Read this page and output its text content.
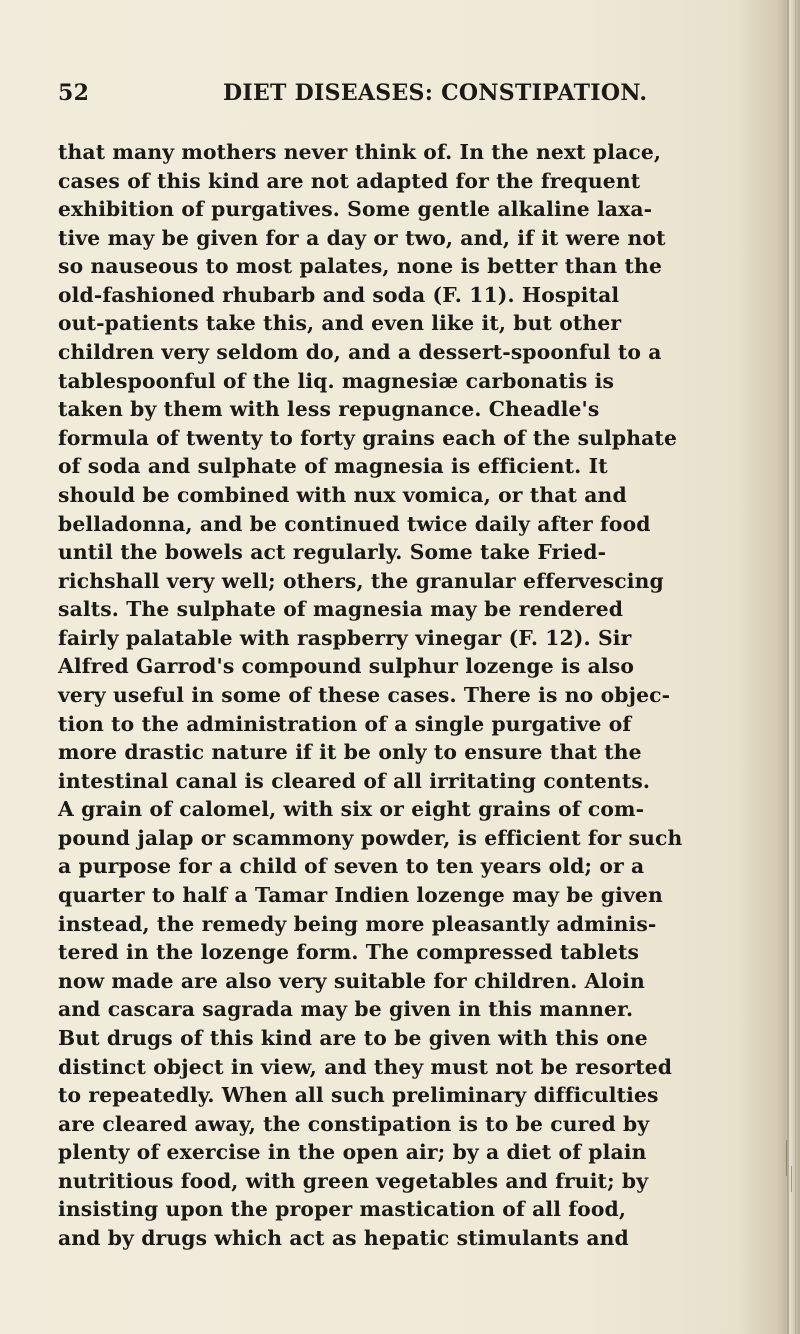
52	DIET DISEASES: CONSTIPATION.
that many mothers never think of. In the next place,
cases of this kind are not adapted for the frequent
exhibition of purgatives. Some gentle alkaline laxa-
tive may be given for a day or two, and, if it were not
so nauseous to most palates, none is better than the
old-fashioned rhubarb and soda (F. 11). Hospital
out-patients take this, and even like it, but other
children very seldom do, and a dessert-spoonful to a
tablespoonful of the liq. magnesiæ carbonatis is
taken by them with less repugnance. Cheadle's
formula of twenty to forty grains each of the sulphate
of soda and sulphate of magnesia is efficient. It
should be combined with nux vomica, or that and
belladonna, and be continued twice daily after food
until the bowels act regularly. Some take Fried-
richshall very well; others, the granular effervescing
salts. The sulphate of magnesia may be rendered
fairly palatable with raspberry vinegar (F. 12). Sir
Alfred Garrod's compound sulphur lozenge is also
very useful in some of these cases. There is no objec-
tion to the administration of a single purgative of
more drastic nature if it be only to ensure that the
intestinal canal is cleared of all irritating contents.
A grain of calomel, with six or eight grains of com-
pound jalap or scammony powder, is efficient for such
a purpose for a child of seven to ten years old; or a
quarter to half a Tamar Indien lozenge may be given
instead, the remedy being more pleasantly adminis-
tered in the lozenge form. The compressed tablets
now made are also very suitable for children. Aloin
and cascara sagrada may be given in this manner.
But drugs of this kind are to be given with this one
distinct object in view, and they must not be resorted
to repeatedly. When all such preliminary difficulties
are cleared away, the constipation is to be cured by
plenty of exercise in the open air; by a diet of plain
nutritious food, with green vegetables and fruit; by
insisting upon the proper mastication of all food,
and by drugs which act as hepatic stimulants and
